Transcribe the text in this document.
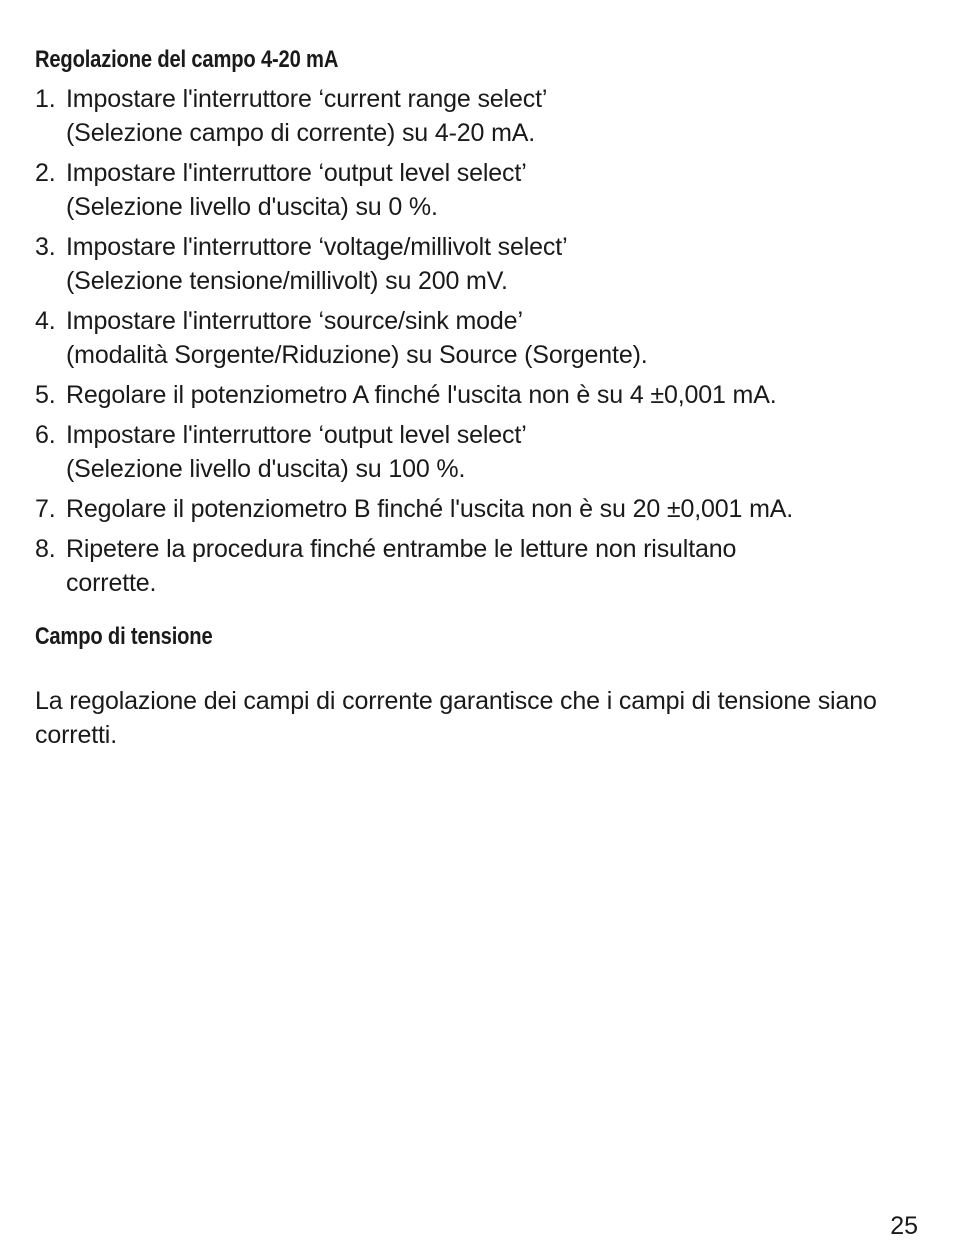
Regolazione del campo 4-20 mA
1. Impostare l'interruttore ‘current range select’
(Selezione campo di corrente) su 4-20 mA.
2. Impostare l'interruttore ‘output level select’
(Selezione livello d'uscita) su 0 %.
3. Impostare l'interruttore ‘voltage/millivolt select’
(Selezione tensione/millivolt) su 200 mV.
4. Impostare l'interruttore ‘source/sink mode’
(modalità Sorgente/Riduzione) su Source (Sorgente).
5. Regolare il potenziometro A finché l'uscita non è su 4 ±0,001 mA.
6. Impostare l'interruttore ‘output level select’
(Selezione livello d'uscita) su 100 %.
7. Regolare il potenziometro B finché l'uscita non è su 20 ±0,001 mA.
8. Ripetere la procedura finché entrambe le letture non risultano
corrette.
Campo di tensione

La regolazione dei campi di corrente garantisce che i campi di tensione siano corretti.

25
